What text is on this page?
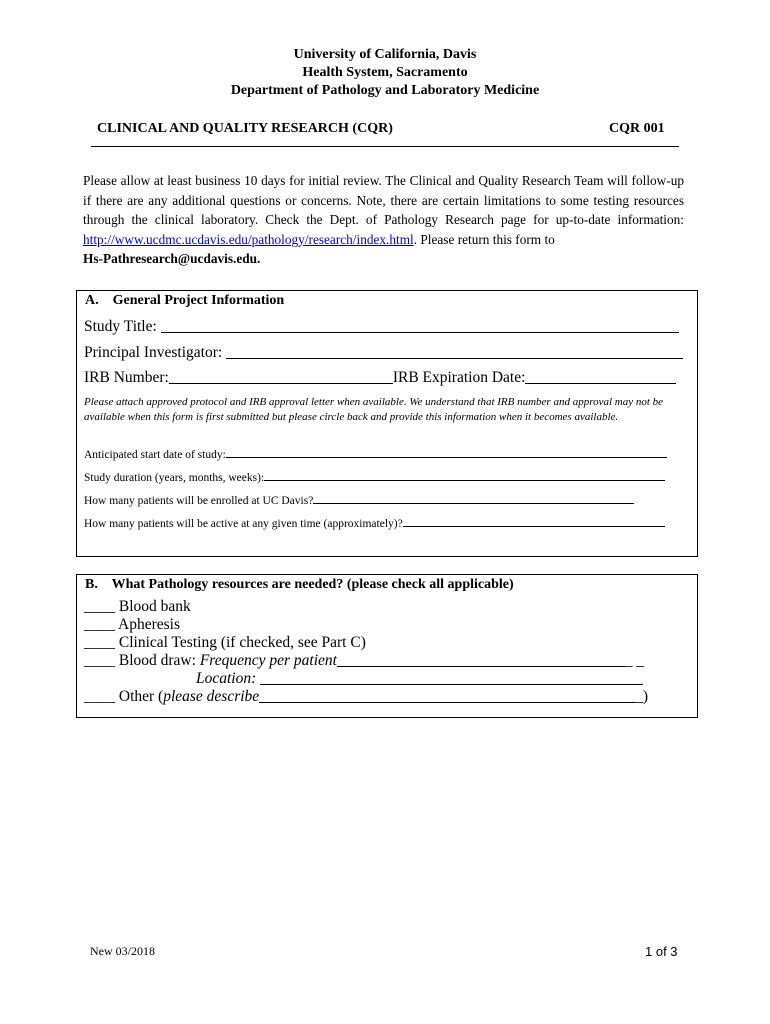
University of California, Davis
Health System, Sacramento
Department of Pathology and Laboratory Medicine
CLINICAL AND QUALITY RESEARCH (CQR)	CQR 001
Please allow at least business 10 days for initial review. The Clinical and Quality Research Team will follow-up if there are any additional questions or concerns. Note, there are certain limitations to some testing resources through the clinical laboratory. Check the Dept. of Pathology Research page for up-to-date information: http://www.ucdmc.ucdavis.edu/pathology/research/index.html. Please return this form to
Hs-Pathresearch@ucdavis.edu.
A.    General Project Information
Study Title:
Principal Investigator:
IRB Number:	IRB Expiration Date:
Please attach approved protocol and IRB approval letter when available. We understand that IRB number and approval may not be available when this form is first submitted but please circle back and provide this information when it becomes available.
Anticipated start date of study:
Study duration (years, months, weeks):
How many patients will be enrolled at UC Davis?
How many patients will be active at any given time (approximately)?
B.    What Pathology resources are needed? (please check all applicable)
____ Blood bank
____ Apheresis
____ Clinical Testing (if checked, see Part C)
____
Blood draw: Frequency per patient	_ _
Location:
____
Other ( please describe	_)
New 03/2018	1 of 3
